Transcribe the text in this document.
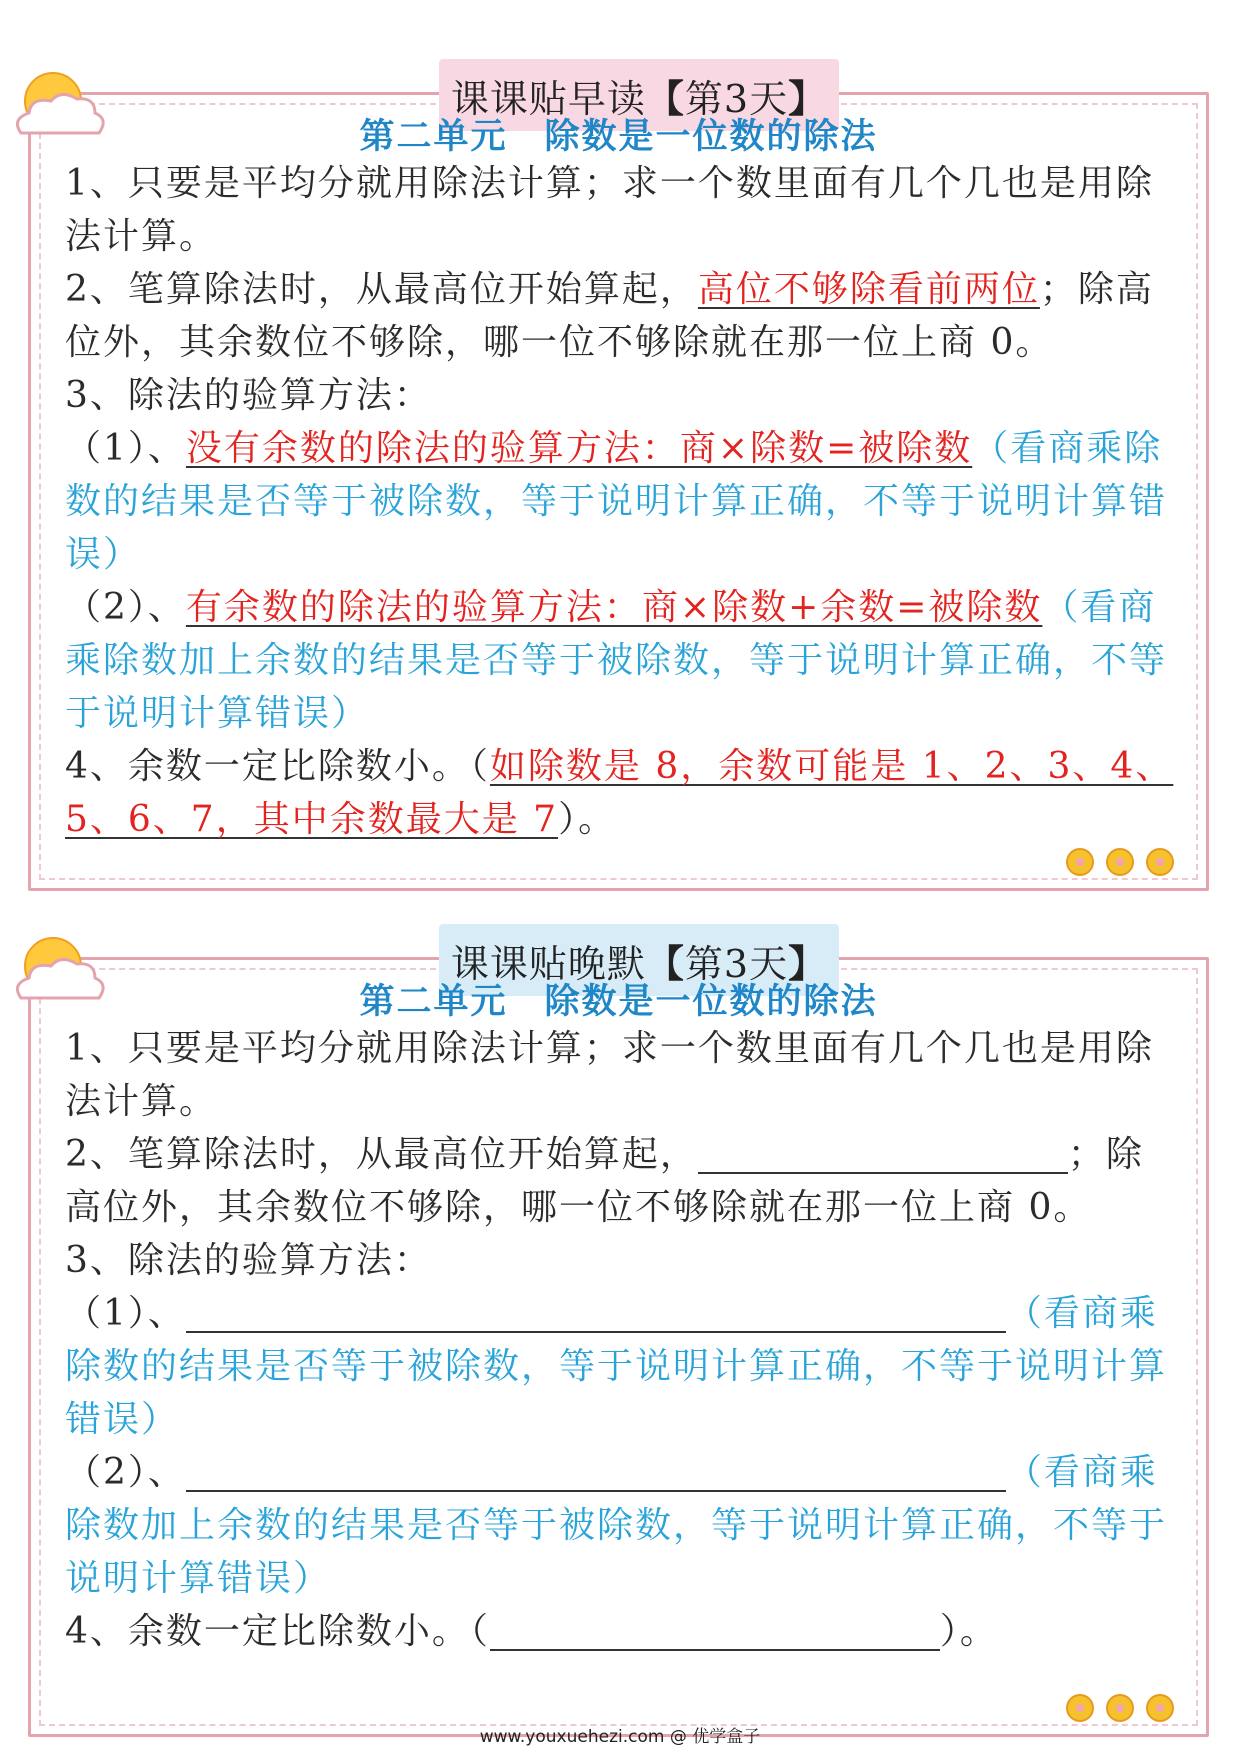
课课贴早读 【 第3天 】
第二单元　除数是一位数的除法

1、只要是平均分就用除法计算；求一个数里面有几个几也是用除法计算。

2、笔算除法时，从最高位开始算起，高位不够除看前两位；除高位外，其余数位不够除，哪一位不够除就在那一位上商 0。

3、除法的验算方法：

（1）、没有余数的除法的验算方法：商×除数=被除数（看商乘除数的结果是否等于被除数，等于说明计算正确，不等于说明计算错误）

（2）、有余数的除法的验算方法：商×除数+余数=被除数（看商乘除数加上余数的结果是否等于被除数，等于说明计算正确，不等于说明计算错误）

4、余数一定比除数小。（如除数是 8，余数可能是 1、2、3、4、5、6、7，其中余数最大是 7）。

课课贴晚默 【 第3天 】
第二单元　除数是一位数的除法

1、只要是平均分就用除法计算；求一个数里面有几个几也是用除法计算。

2、笔算除法时，从最高位开始算起，	；除高位外，其余数位不够除，哪一位不够除就在那一位上商 0。

3、除法的验算方法：

（1）、	（看商乘除数的结果是否等于被除数，等于说明计算正确，不等于说明计算错误）

（2）、	（看商乘除数加上余数的结果是否等于被除数，等于说明计算正确，不等于说明计算错误）

4、余数一定比除数小。（	）。

www.youxuehezi.com @ 优学盒子
